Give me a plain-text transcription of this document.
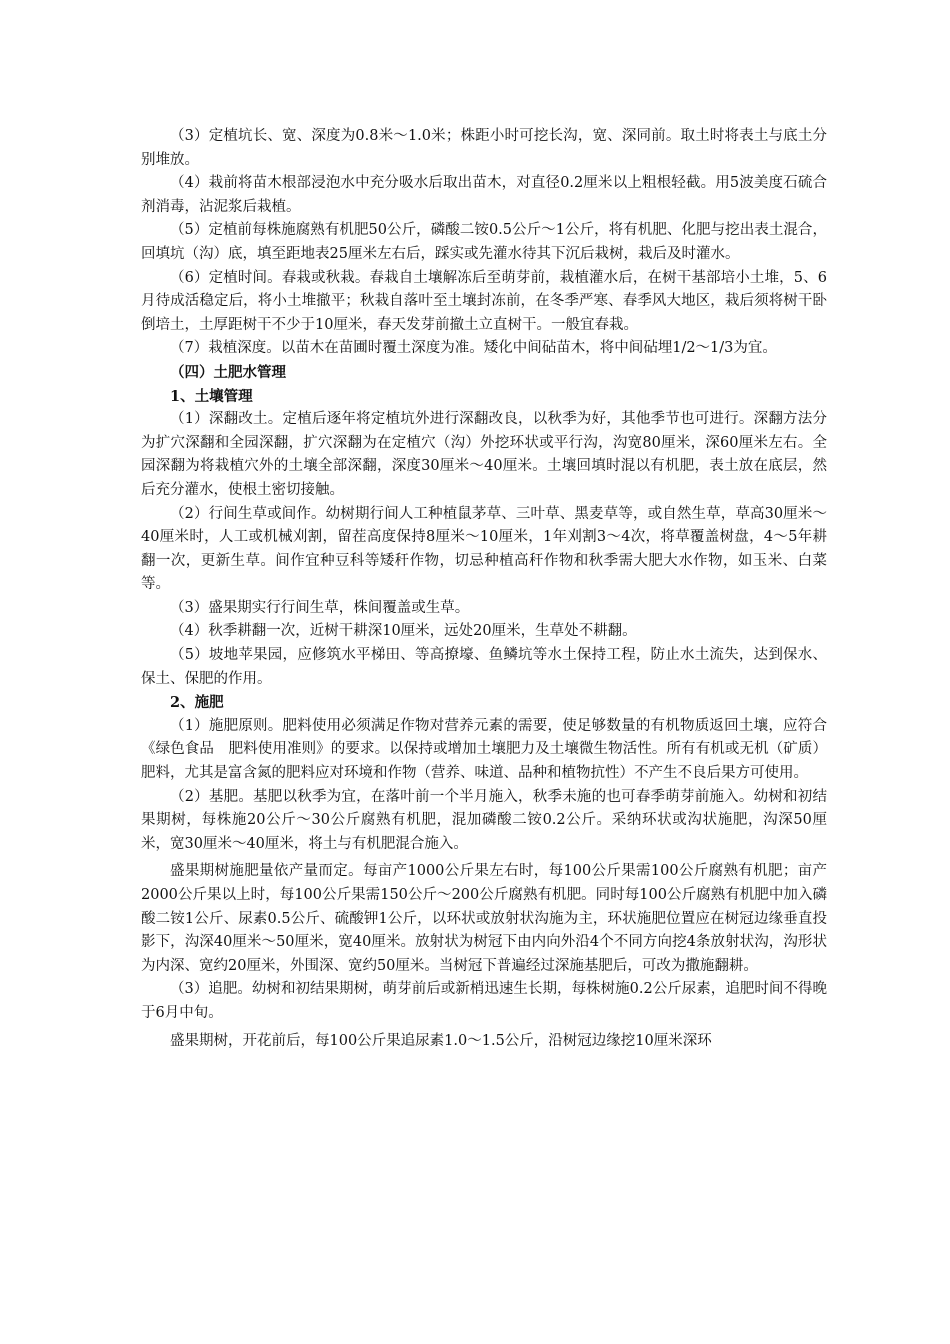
（3）定植坑长、宽、深度为0.8米～1.0米；株距小时可挖长沟，宽、深同前。取土时将表土与底土分别堆放。

（4）栽前将苗木根部浸泡水中充分吸水后取出苗木，对直径0.2厘米以上粗根轻截。用5波美度石硫合剂消毒，沾泥浆后栽植。

（5）定植前每株施腐熟有机肥50公斤，磷酸二铵0.5公斤～1公斤，将有机肥、化肥与挖出表土混合，回填坑（沟）底，填至距地表25厘米左右后，踩实或先灌水待其下沉后栽树，栽后及时灌水。

（6）定植时间。春栽或秋栽。春栽自土壤解冻后至萌芽前，栽植灌水后，在树干基部培小土堆，5、6月待成活稳定后，将小土堆撤平；秋栽自落叶至土壤封冻前，在冬季严寒、春季风大地区，栽后须将树干卧倒培土，土厚距树干不少于10厘米，春天发芽前撤土立直树干。一般宜春栽。

（7）栽植深度。以苗木在苗圃时覆土深度为准。矮化中间砧苗木，将中间砧埋1/2～1/3为宜。

（四）土肥水管理

1、土壤管理

（1）深翻改土。定植后逐年将定植坑外进行深翻改良，以秋季为好，其他季节也可进行。深翻方法分为扩穴深翻和全园深翻，扩穴深翻为在定植穴（沟）外挖环状或平行沟，沟宽80厘米，深60厘米左右。全园深翻为将栽植穴外的土壤全部深翻，深度30厘米～40厘米。土壤回填时混以有机肥，表土放在底层，然后充分灌水，使根土密切接触。

（2）行间生草或间作。幼树期行间人工种植鼠茅草、三叶草、黑麦草等，或自然生草，草高30厘米～40厘米时，人工或机械刈割，留茬高度保持8厘米～10厘米，1年刈割3～4次，将草覆盖树盘，4～5年耕翻一次，更新生草。间作宜种豆科等矮秆作物，切忌种植高秆作物和秋季需大肥大水作物，如玉米、白菜等。

（3）盛果期实行行间生草，株间覆盖或生草。

（4）秋季耕翻一次，近树干耕深10厘米，远处20厘米，生草处不耕翻。

（5）坡地苹果园，应修筑水平梯田、等高撩壕、鱼鳞坑等水土保持工程，防止水土流失，达到保水、保土、保肥的作用。

2、施肥

（1）施肥原则。肥料使用必须满足作物对营养元素的需要，使足够数量的有机物质返回土壤，应符合《绿色食品　肥料使用准则》的要求。以保持或增加土壤肥力及土壤微生物活性。所有有机或无机（矿质）肥料，尤其是富含氮的肥料应对环境和作物（营养、味道、品种和植物抗性）不产生不良后果方可使用。

（2）基肥。基肥以秋季为宜，在落叶前一个半月施入，秋季未施的也可春季萌芽前施入。幼树和初结果期树，每株施20公斤～30公斤腐熟有机肥，混加磷酸二铵0.2公斤。采纳环状或沟状施肥，沟深50厘米，宽30厘米～40厘米，将土与有机肥混合施入。

盛果期树施肥量依产量而定。每亩产1000公斤果左右时，每100公斤果需100公斤腐熟有机肥；亩产2000公斤果以上时，每100公斤果需150公斤～200公斤腐熟有机肥。同时每100公斤腐熟有机肥中加入磷酸二铵1公斤、尿素0.5公斤、硫酸钾1公斤，以环状或放射状沟施为主，环状施肥位置应在树冠边缘垂直投影下，沟深40厘米～50厘米，宽40厘米。放射状为树冠下由内向外沿4个不同方向挖4条放射状沟，沟形状为内深、宽约20厘米，外围深、宽约50厘米。当树冠下普遍经过深施基肥后，可改为撒施翻耕。

（3）追肥。幼树和初结果期树，萌芽前后或新梢迅速生长期，每株树施0.2公斤尿素，追肥时间不得晚于6月中旬。

盛果期树，开花前后，每100公斤果追尿素1.0～1.5公斤，沿树冠边缘挖10厘米深环
